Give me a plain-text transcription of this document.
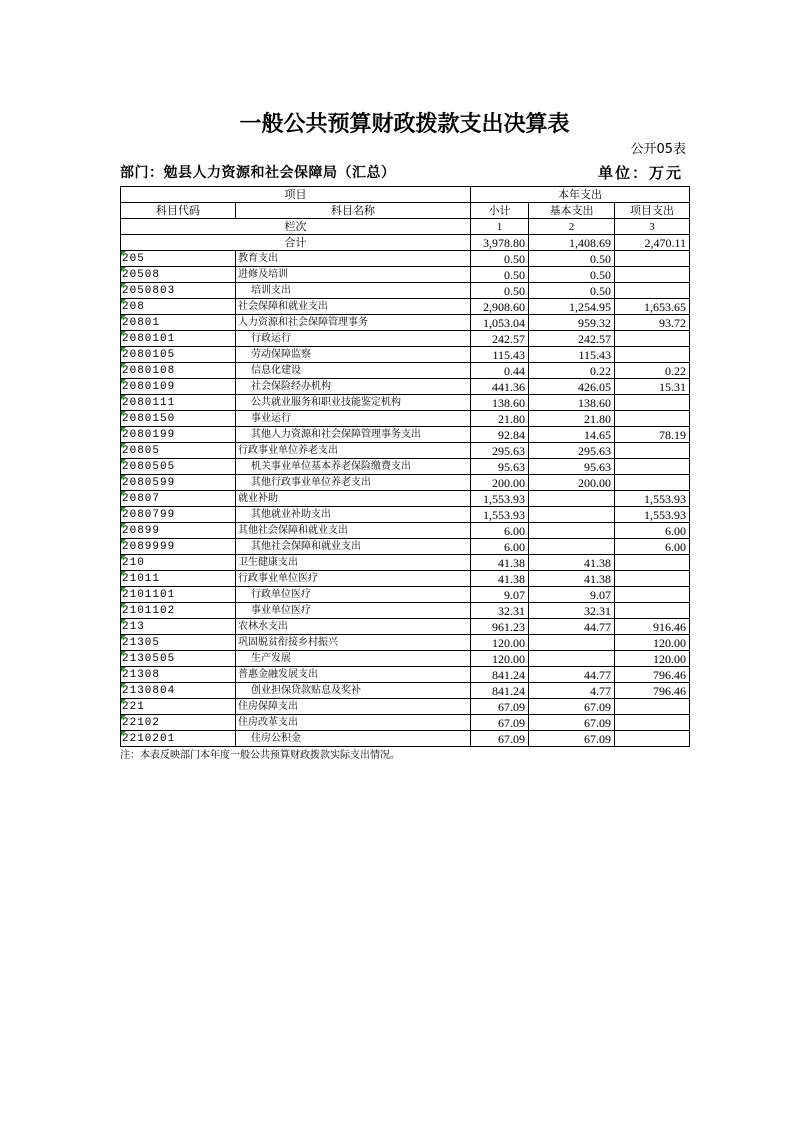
一般公共预算财政拨款支出决算表
公开05表
部门：勉县人力资源和社会保障局（汇总）	单位：万元
项目		本年支出		
科目代码	科目名称	小计	基本支出	项目支出
栏次		1	2	3
合计		3,978.80	1,408.69	2,470.11

205	教育支出	0.50	0.50	

20508	进修及培训	0.50	0.50	

2050803	培训支出	0.50	0.50	

208	社会保障和就业支出	2,908.60	1,254.95	1,653.65

20801	人力资源和社会保障管理事务	1,053.04	959.32	93.72

2080101	行政运行	242.57	242.57	

2080105	劳动保障监察	115.43	115.43	

2080108	信息化建设	0.44	0.22	0.22

2080109	社会保险经办机构	441.36	426.05	15.31

2080111	公共就业服务和职业技能鉴定机构	138.60	138.60	

2080150	事业运行	21.80	21.80	

2080199	其他人力资源和社会保障管理事务支出	92.84	14.65	78.19

20805	行政事业单位养老支出	295.63	295.63	

2080505	机关事业单位基本养老保险缴费支出	95.63	95.63	

2080599	其他行政事业单位养老支出	200.00	200.00	

20807	就业补助	1,553.93		1,553.93

2080799	其他就业补助支出	1,553.93		1,553.93

20899	其他社会保障和就业支出	6.00		6.00

2089999	其他社会保障和就业支出	6.00		6.00

210	卫生健康支出	41.38	41.38	

21011	行政事业单位医疗	41.38	41.38	

2101101	行政单位医疗	9.07	9.07	

2101102	事业单位医疗	32.31	32.31	

213	农林水支出	961.23	44.77	916.46

21305	巩固脱贫衔接乡村振兴	120.00		120.00

2130505	生产发展	120.00		120.00

21308	普惠金融发展支出	841.24	44.77	796.46

2130804	创业担保贷款贴息及奖补	841.24	4.77	796.46

221	住房保障支出	67.09	67.09	

22102	住房改革支出	67.09	67.09	

2210201	住房公积金	67.09	67.09	
注：本表反映部门本年度一般公共预算财政拨款实际支出情况。
